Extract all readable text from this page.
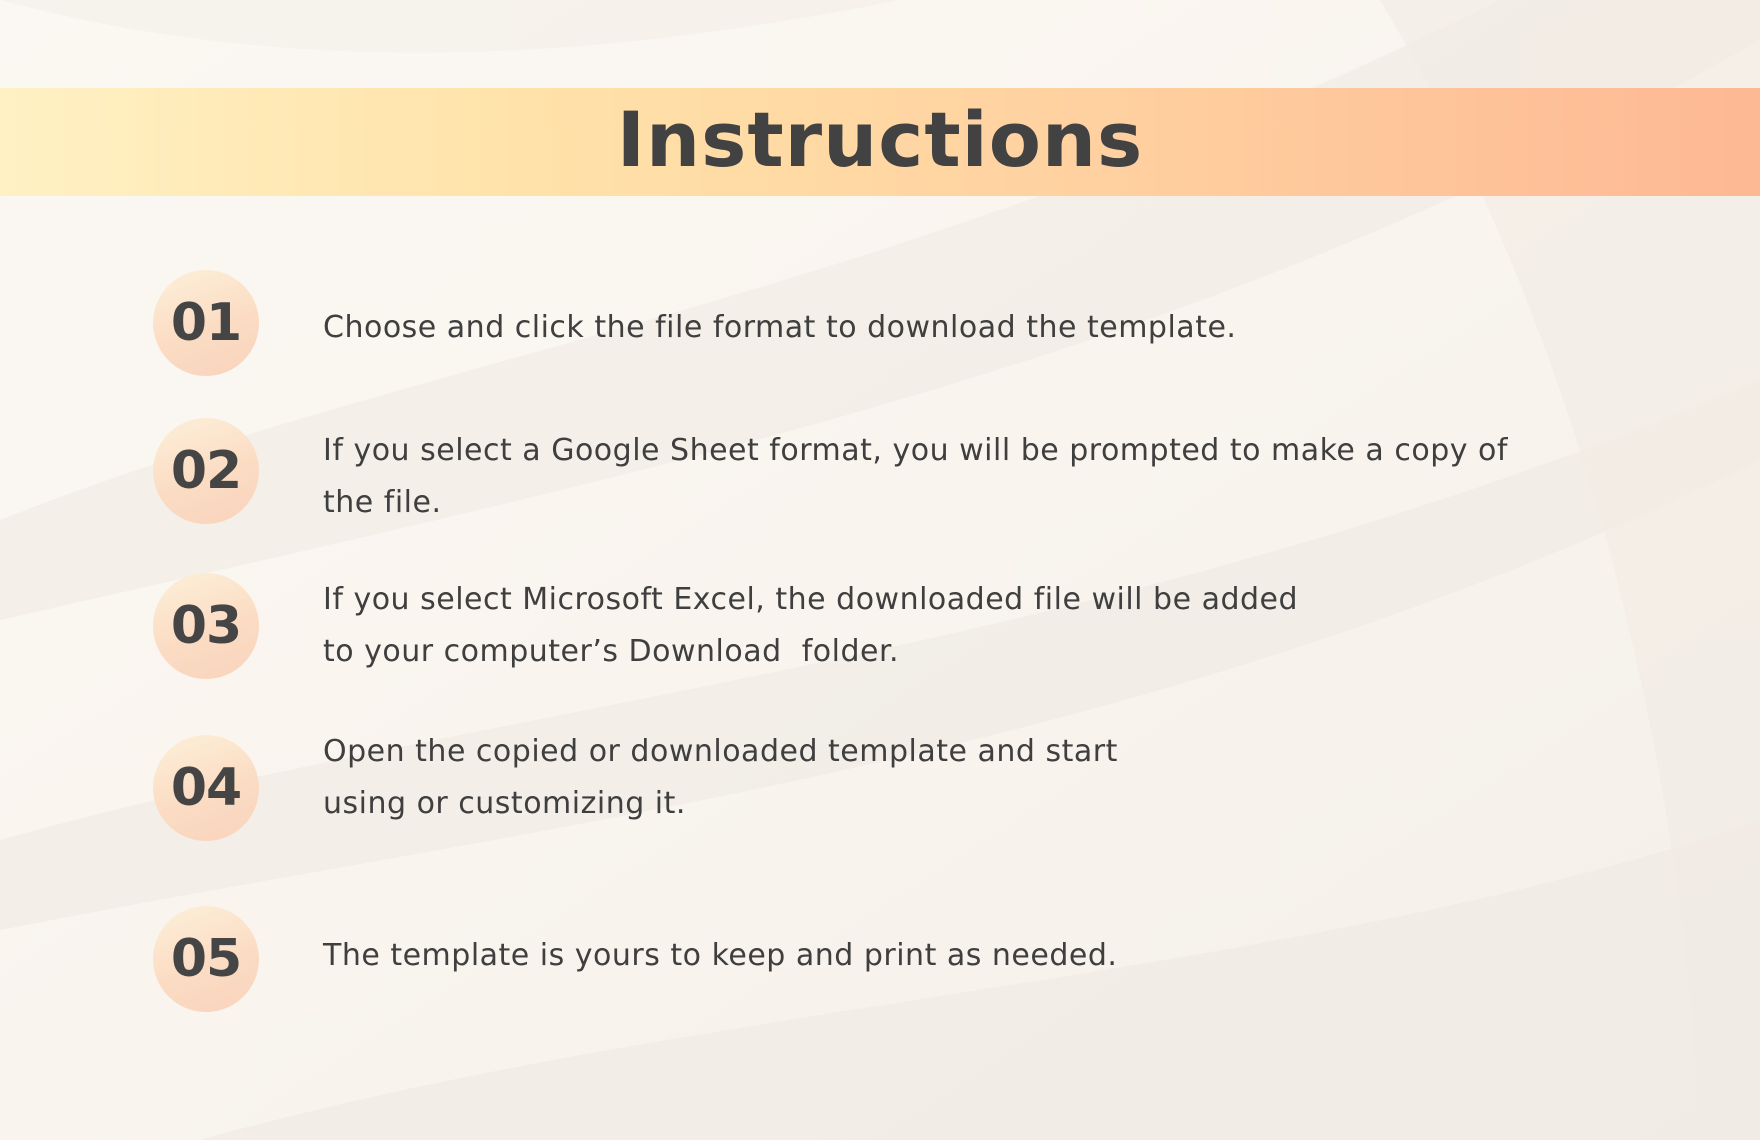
Instructions
01	Choose and click the file format to download the template.
02	If you select a Google Sheet format, you will be prompted to make a copy of
the file.
03	If you select Microsoft Excel, the downloaded file will be added
to your computer’s Download  folder.
04
Open the copied or downloaded template and start
using or customizing it.
05	The template is yours to keep and print as needed.
